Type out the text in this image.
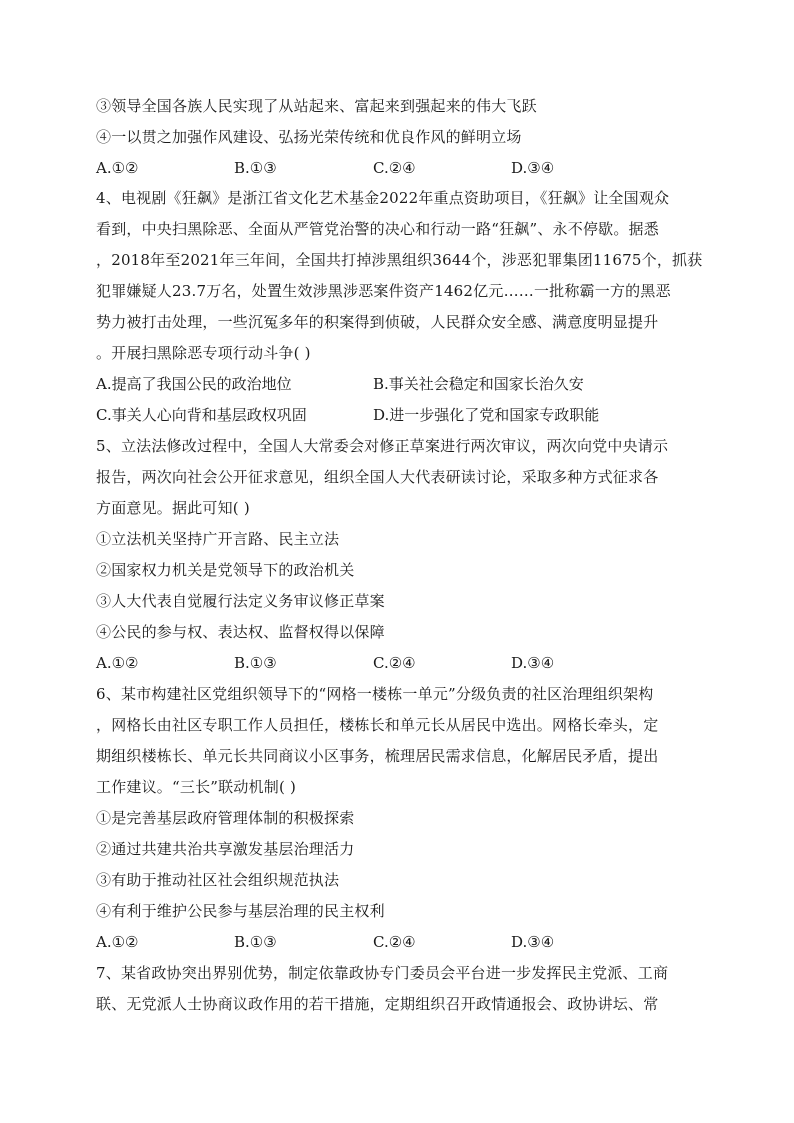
③领导全国各族人民实现了从站起来、富起来到强起来的伟大飞跃
④一以贯之加强作风建设、弘扬光荣传统和优良作风的鲜明立场
A.①②	B.①③	C.②④	D.③④
4、电视剧《狂飙》是浙江省文化艺术基金2022年重点资助项目，《狂飙》让全国观众
看到，中央扫黑除恶、全面从严管党治警的决心和行动一路“狂飙”、永不停歇。据悉
，2018年至2021年三年间，全国共打掉涉黑组织3644个，涉恶犯罪集团11675个，抓获
犯罪嫌疑人23.7万名，处置生效涉黑涉恶案件资产1462亿元……一批称霸一方的黑恶
势力被打击处理，一些沉冤多年的积案得到侦破，人民群众安全感、满意度明显提升
。开展扫黑除恶专项行动斗争( )
A.提高了我国公民的政治地位	B.事关社会稳定和国家长治久安
C.事关人心向背和基层政权巩固	D.进一步强化了党和国家专政职能
5、立法法修改过程中，全国人大常委会对修正草案进行两次审议，两次向党中央请示
报告，两次向社会公开征求意见，组织全国人大代表研读讨论，采取多种方式征求各
方面意见。据此可知( )
①立法机关坚持广开言路、民主立法
②国家权力机关是党领导下的政治机关
③人大代表自觉履行法定义务审议修正草案
④公民的参与权、表达权、监督权得以保障
A.①②	B.①③	C.②④	D.③④
6、某市构建社区党组织领导下的“网格一楼栋一单元”分级负责的社区治理组织架构
，网格长由社区专职工作人员担任，楼栋长和单元长从居民中选出。网格长牵头，定
期组织楼栋长、单元长共同商议小区事务，梳理居民需求信息，化解居民矛盾，提出
工作建议。“三长”联动机制( )
①是完善基层政府管理体制的积极探索
②通过共建共治共享激发基层治理活力
③有助于推动社区社会组织规范执法
④有利于维护公民参与基层治理的民主权利
A.①②	B.①③	C.②④	D.③④
7、某省政协突出界别优势，制定依靠政协专门委员会平台进一步发挥民主党派、工商
联、无党派人士协商议政作用的若干措施，定期组织召开政情通报会、政协讲坛、常
